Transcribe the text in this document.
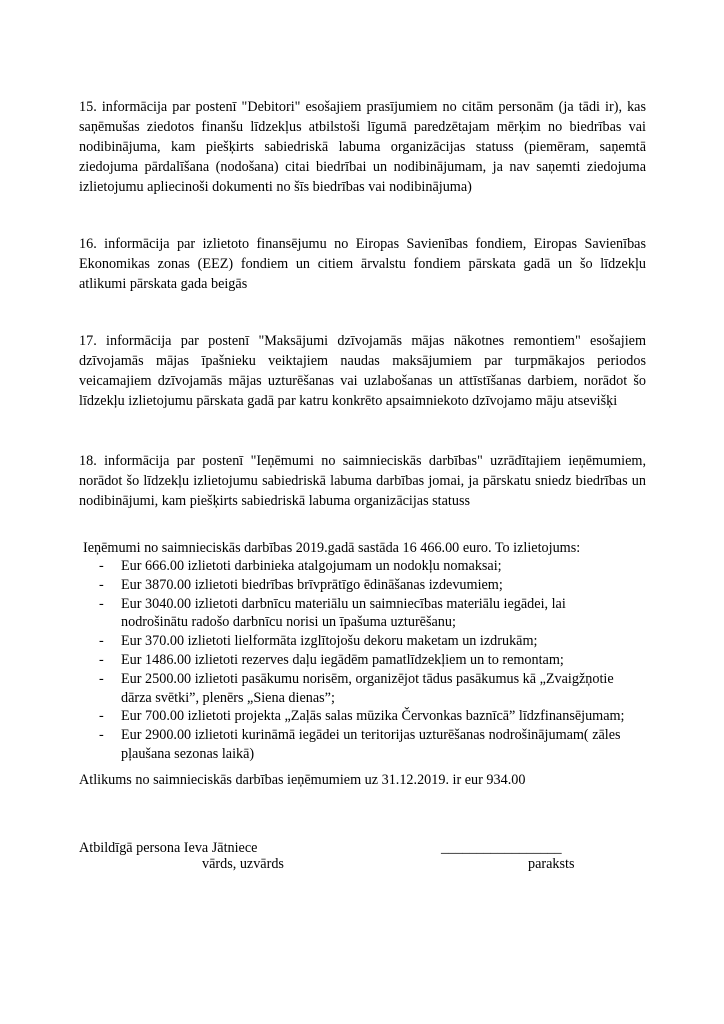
15. informācija par postenī "Debitori" esošajiem prasījumiem no citām personām (ja tādi ir), kas saņēmušas ziedotos finanšu līdzekļus atbilstoši līgumā paredzētajam mērķim no biedrības vai nodibinājuma, kam piešķirts sabiedriskā labuma organizācijas statuss (piemēram, saņemtā ziedojuma pārdalīšana (nodošana) citai biedrībai un nodibinājumam, ja nav saņemti ziedojuma izlietojumu apliecinoši dokumenti no šīs biedrības vai nodibinājuma)

16. informācija par izlietoto finansējumu no Eiropas Savienības fondiem, Eiropas Savienības Ekonomikas zonas (EEZ) fondiem un citiem ārvalstu fondiem pārskata gadā un šo līdzekļu atlikumi pārskata gada beigās

17. informācija par postenī "Maksājumi dzīvojamās mājas nākotnes remontiem" esošajiem dzīvojamās mājas īpašnieku veiktajiem naudas maksājumiem par turpmākajos periodos veicamajiem dzīvojamās mājas uzturēšanas vai uzlabošanas un attīstīšanas darbiem, norādot šo līdzekļu izlietojumu pārskata gadā par katru konkrēto apsaimniekoto dzīvojamo māju atsevišķi

18. informācija par postenī "Ieņēmumi no saimnieciskās darbības" uzrādītajiem ieņēmumiem, norādot šo līdzekļu izlietojumu sabiedriskā labuma darbības jomai, ja pārskatu sniedz biedrības un nodibinājumi, kam piešķirts sabiedriskā labuma organizācijas statuss

Ieņēmumi no saimnieciskās darbības 2019.gadā sastāda 16 466.00 euro. To izlietojums:

- Eur 666.00 izlietoti darbinieka atalgojumam un nodokļu nomaksai;
- Eur 3870.00 izlietoti biedrības brīvprātīgo ēdināšanas izdevumiem;
- Eur 3040.00 izlietoti darbnīcu materiālu un saimniecības materiālu iegādei, lai nodrošinātu radošo darbnīcu norisi un īpašuma uzturēšanu;
- Eur 370.00 izlietoti lielformāta izglītojošu dekoru maketam un izdrukām;
- Eur 1486.00 izlietoti rezerves daļu iegādēm pamatlīdzekļiem un to remontam;
- Eur 2500.00 izlietoti pasākumu norisēm, organizējot tādus pasākumus kā „Zvaigžņotie dārza svētki”, plenērs „Siena dienas”;
- Eur 700.00 izlietoti projekta „Zaļās salas mūzika Červonkas baznīcā” līdzfinansējumam;
- Eur 2900.00 izlietoti kurināmā iegādei un teritorijas uzturēšanas nodrošinājumam( zāles pļaušana sezonas laikā)

Atlikums no saimnieciskās darbības ieņēmumiem uz 31.12.2019. ir eur 934.00

Atbildīgā persona Ieva Jātniece

vārds, uzvārds

_________________

paraksts
